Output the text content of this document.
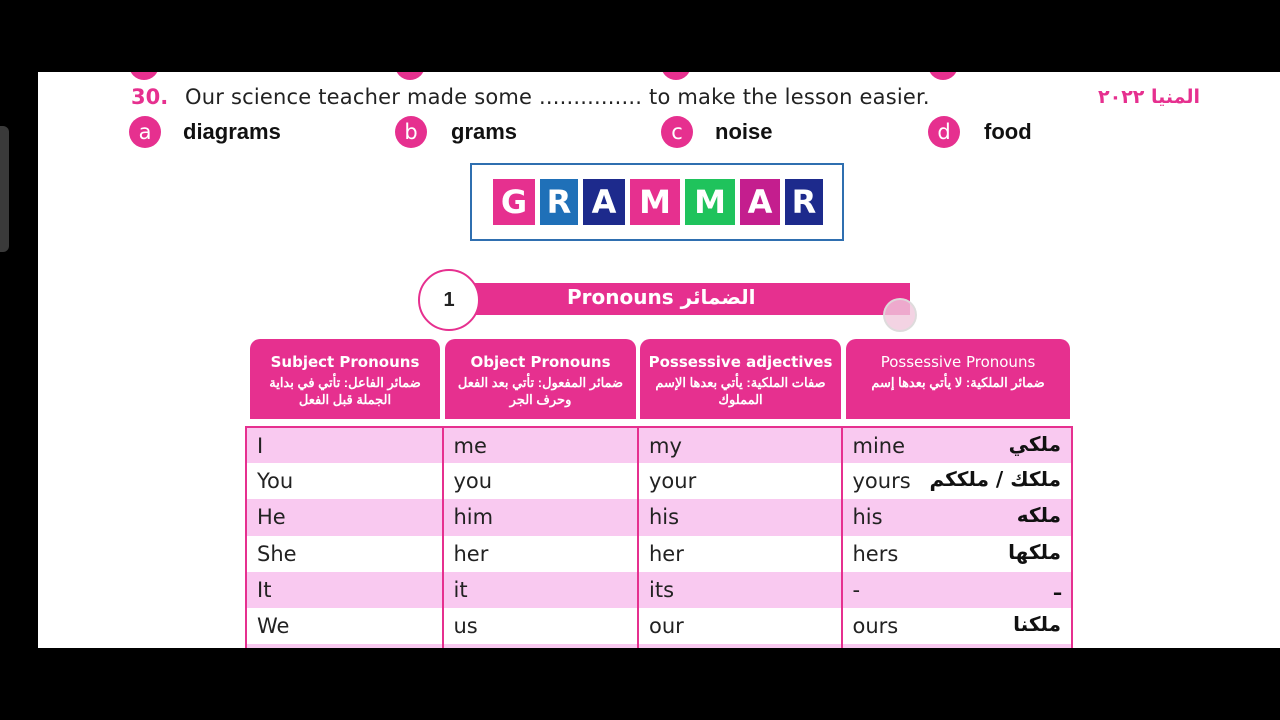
30. Our science teacher made some ............... to make the lesson easier.	المنيا ٢٠٢٢
a	diagrams	b	grams	c	noise	d	food
G R A M M A R
Pronouns الضمائر
1
Subject Pronouns
ضمائر الفاعل: تأتي في بداية الجملة قبل الفعل
Object Pronouns
ضمائر المفعول: تأتي بعد الفعل وحرف الجر
Possessive adjectives
صفات الملكية: يأتي بعدها الإسم المملوك
Possessive Pronouns
ضمائر الملكية: لا يأتي بعدها إسم
I	me	my	mine ملكي

You	you	your	yours ملكك / ملككم

He	him	his	his ملكه

She	her	her	hers ملكها

It	it	its	- ـ

We	us	our	ours ملكنا
